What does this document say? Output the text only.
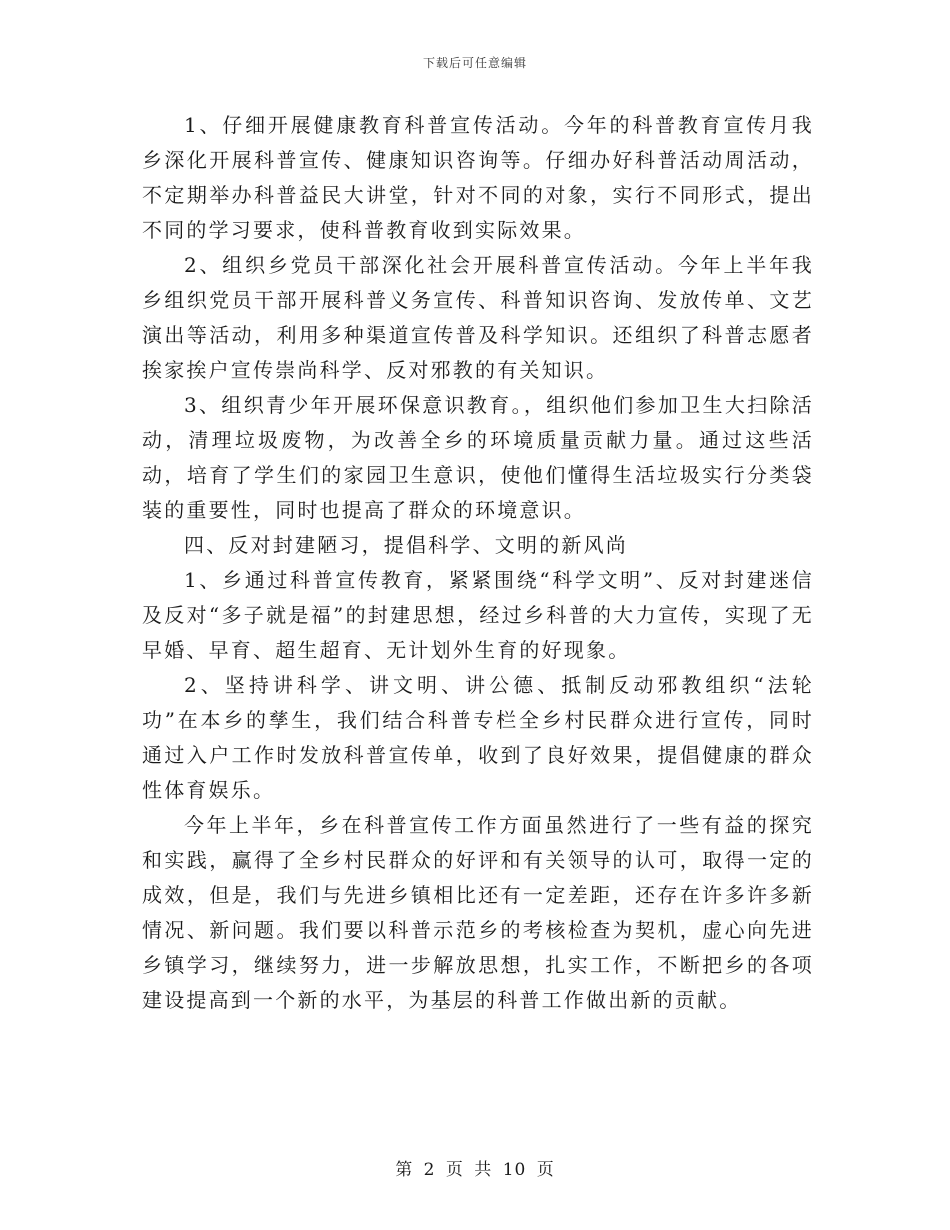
下载后可任意编辑

1、仔细开展健康教育科普宣传活动。今年的科普教育宣传月我乡深化开展科普宣传、健康知识咨询等。仔细办好科普活动周活动，不定期举办科普益民大讲堂，针对不同的对象，实行不同形式，提出不同的学习要求，使科普教育收到实际效果。

2、组织乡党员干部深化社会开展科普宣传活动。今年上半年我乡组织党员干部开展科普义务宣传、科普知识咨询、发放传单、文艺演出等活动，利用多种渠道宣传普及科学知识。还组织了科普志愿者挨家挨户宣传崇尚科学、反对邪教的有关知识。

3、组织青少年开展环保意识教育。，组织他们参加卫生大扫除活动，清理垃圾废物，为改善全乡的环境质量贡献力量。通过这些活动，培育了学生们的家园卫生意识，使他们懂得生活垃圾实行分类袋装的重要性，同时也提高了群众的环境意识。

四、反对封建陋习，提倡科学、文明的新风尚

1、乡通过科普宣传教育，紧紧围绕“科学文明”、反对封建迷信及反对“多子就是福”的封建思想，经过乡科普的大力宣传，实现了无早婚、早育、超生超育、无计划外生育的好现象。

2、坚持讲科学、讲文明、讲公德、抵制反动邪教组织“法轮功”在本乡的孳生，我们结合科普专栏全乡村民群众进行宣传，同时通过入户工作时发放科普宣传单，收到了良好效果，提倡健康的群众性体育娱乐。

今年上半年，乡在科普宣传工作方面虽然进行了一些有益的探究和实践，赢得了全乡村民群众的好评和有关领导的认可，取得一定的成效，但是，我们与先进乡镇相比还有一定差距，还存在许多许多新情况、新问题。我们要以科普示范乡的考核检查为契机，虚心向先进乡镇学习，继续努力，进一步解放思想，扎实工作，不断把乡的各项建设提高到一个新的水平，为基层的科普工作做出新的贡献。

第 2 页 共 10 页
